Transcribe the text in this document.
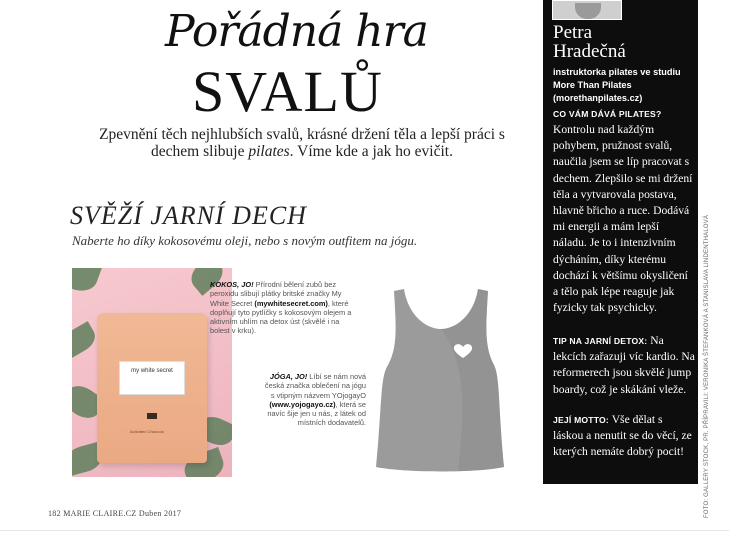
Pořádná hra
SVALŮ
Zpevnění těch nejhlubších svalů, krásné držení těla a lepší práci s dechem slibuje pilates. Víme kde a jak ho evičit.
SVĚŽÍ JARNÍ DECH
Naberte ho díky kokosovému oleji, nebo s novým outfitem na jógu.
my white secret
Activated Charcoal
KOKOS, JO! Přírodní bělení zubů bez peroxidu slibují plátky britské značky My White Secret (mywhitesecret.com), které doplňují tyto pytlíčky s kokosovým olejem a aktivním uhlím na detox úst (skvělé i na bolest v krku).
JÓGA, JO! Líbí se nám nová česká značka oblečení na jógu s vtipným názvem YOjogayO (www.yojogayo.cz), která se navíc šije jen u nás, z látek od místních dodavatelů.
182 MARIE CLAIRE.CZ Duben 2017
Petra
Hradečná
instruktorka pilates ve studiu More Than Pilates (morethanpilates.cz)
CO VÁM DÁVÁ PILATES?
Kontrolu nad každým pohybem, pružnost svalů, naučila jsem se líp pracovat s dechem. Zlepšilo se mi držení těla a vytvarovala postava, hlavně břicho a ruce. Dodává mi energii a mám lepší náladu. Je to i intenzivním dýcháním, díky kterému dochází k většímu okysličení a tělo pak lépe reaguje jak fyzicky tak psychicky.
TIP NA JARNÍ DETOX: Na lekcích zařazuji víc kardio. Na reformerech jsou skvělé jump boardy, což je skákání vleže.
JEJÍ MOTTO: Vše dělat s láskou a nenutit se do věcí, ze kterých nemáte dobrý pocit!	FOTO: GALLERY STOCK, PR. PŘÍPRAVILI: VERONIKA ŠTEFANKOVÁ A STANISLAVA LINDENTHALOVÁ
